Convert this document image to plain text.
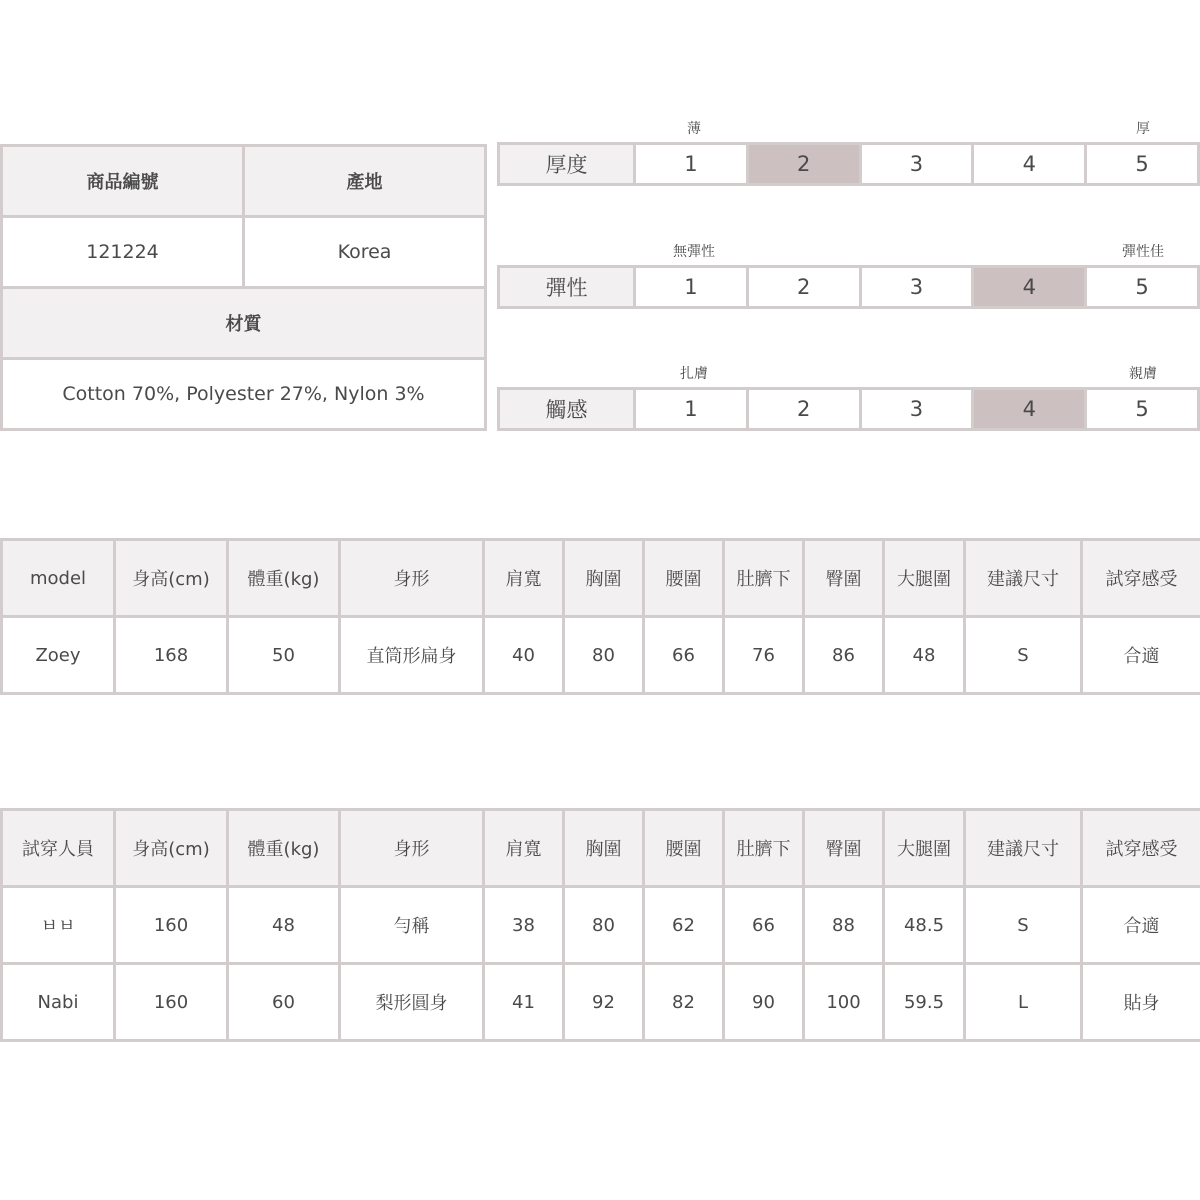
商品編號	產地
121224	Korea
材質	
Cotton 70%, Polyester 27%, Nylon 3%	
薄	厚
厚度	1	2	3	4	5
無彈性	彈性佳
彈性	1	2	3	4	5
扎膚	親膚
觸感	1	2	3	4	5
model	身高(cm)	體重(kg)	身形	肩寬	胸圍	腰圍	肚臍下	臀圍	大腿圍	建議尺寸	試穿感受
Zoey	168	50	直筒形扁身	40	80	66	76	86	48	S	合適
試穿人員	身高(cm)	體重(kg)	身形	肩寬	胸圍	腰圍	肚臍下	臀圍	大腿圍	建議尺寸	試穿感受
ㅂㅂ	160	48	勻稱	38	80	62	66	88	48.5	S	合適
Nabi	160	60	梨形圓身	41	92	82	90	100	59.5	L	貼身
